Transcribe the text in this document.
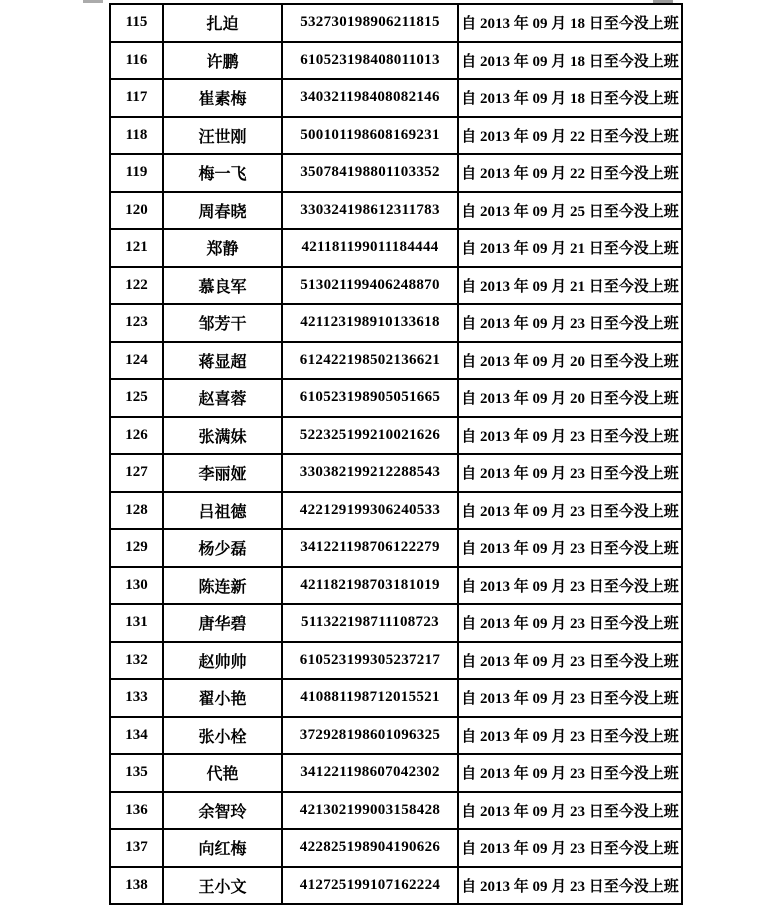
115	扎迫	532730198906211815	自 2013 年 09 月 18 日至今没上班
116	许鹏	610523198408011013	自 2013 年 09 月 18 日至今没上班
117	崔素梅	340321198408082146	自 2013 年 09 月 18 日至今没上班
118	汪世刚	500101198608169231	自 2013 年 09 月 22 日至今没上班
119	梅一飞	350784198801103352	自 2013 年 09 月 22 日至今没上班
120	周春晓	330324198612311783	自 2013 年 09 月 25 日至今没上班
121	郑静	421181199011184444	自 2013 年 09 月 21 日至今没上班
122	慕良军	513021199406248870	自 2013 年 09 月 21 日至今没上班
123	邹芳干	421123198910133618	自 2013 年 09 月 23 日至今没上班
124	蒋显超	612422198502136621	自 2013 年 09 月 20 日至今没上班
125	赵喜蓉	610523198905051665	自 2013 年 09 月 20 日至今没上班
126	张满妹	522325199210021626	自 2013 年 09 月 23 日至今没上班
127	李丽娅	330382199212288543	自 2013 年 09 月 23 日至今没上班
128	吕祖德	422129199306240533	自 2013 年 09 月 23 日至今没上班
129	杨少磊	341221198706122279	自 2013 年 09 月 23 日至今没上班
130	陈连新	421182198703181019	自 2013 年 09 月 23 日至今没上班
131	唐华碧	511322198711108723	自 2013 年 09 月 23 日至今没上班
132	赵帅帅	610523199305237217	自 2013 年 09 月 23 日至今没上班
133	翟小艳	410881198712015521	自 2013 年 09 月 23 日至今没上班
134	张小栓	372928198601096325	自 2013 年 09 月 23 日至今没上班
135	代艳	341221198607042302	自 2013 年 09 月 23 日至今没上班
136	余智玲	421302199003158428	自 2013 年 09 月 23 日至今没上班
137	向红梅	422825198904190626	自 2013 年 09 月 23 日至今没上班
138	王小文	412725199107162224	自 2013 年 09 月 23 日至今没上班
